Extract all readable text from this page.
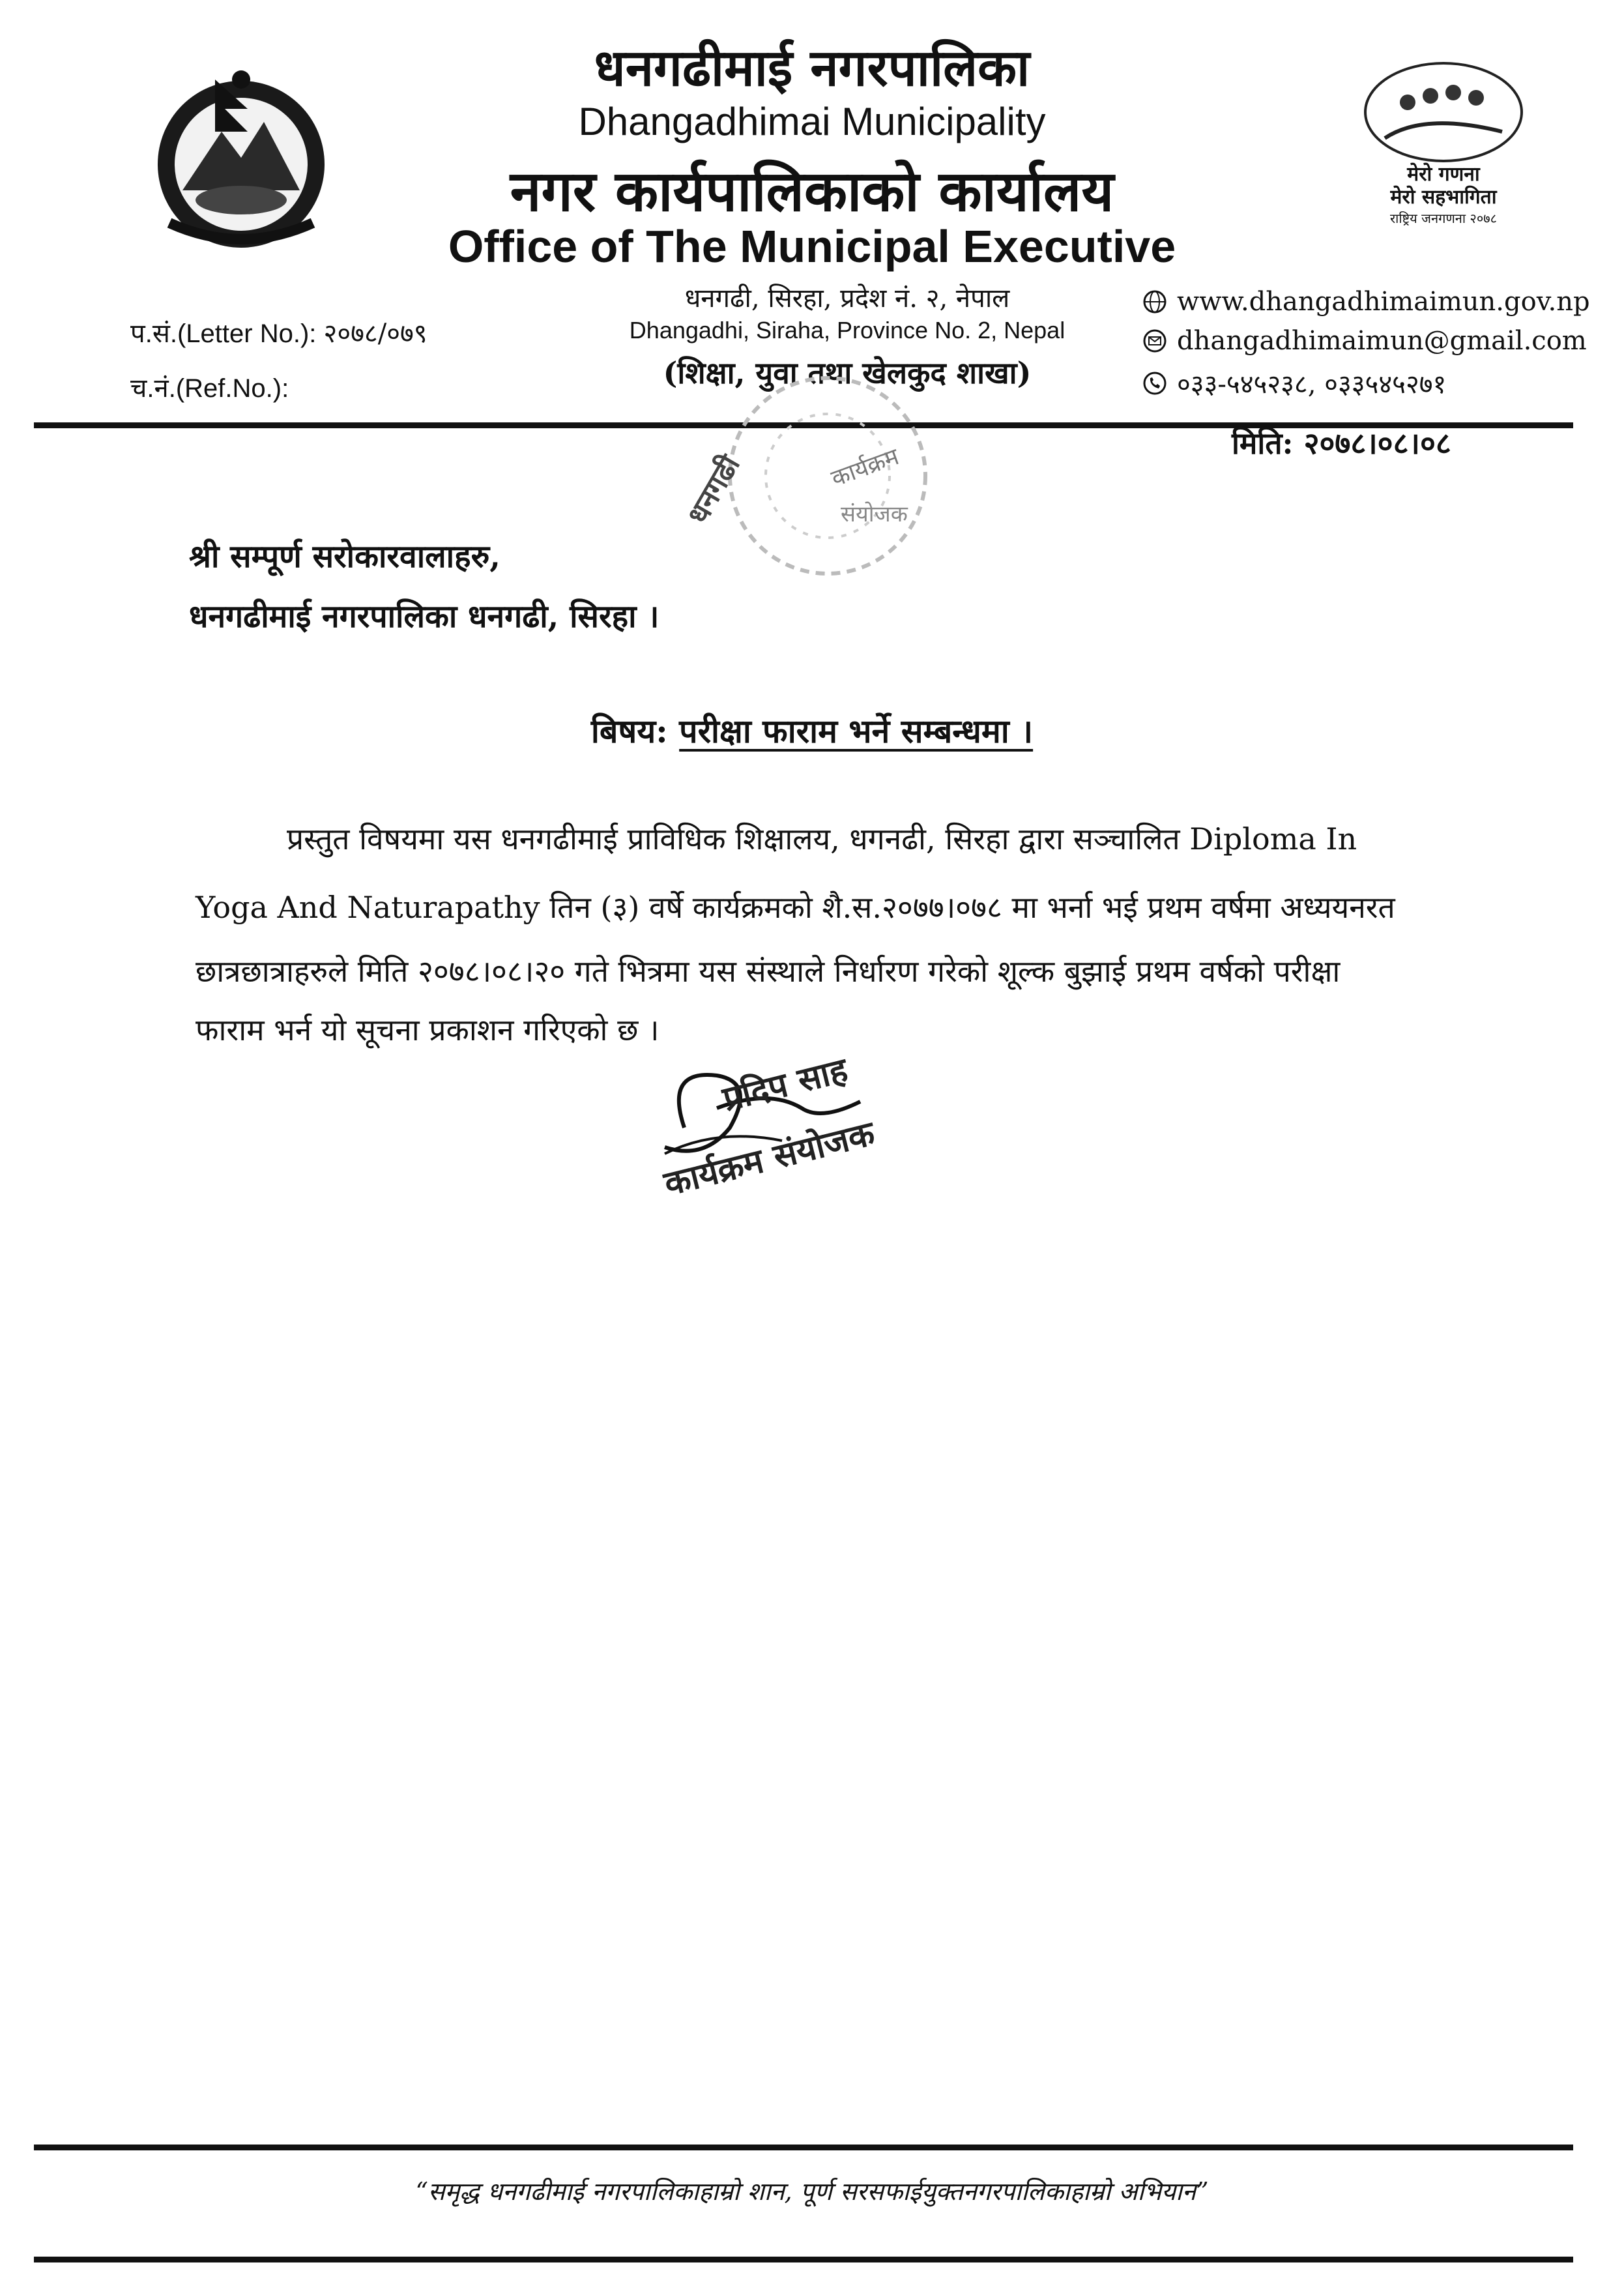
मेरो गणना
मेरो सहभागिता
राष्ट्रिय जनगणना २०७८
धनगढीमाई नगरपालिका
Dhangadhimai Municipality
नगर कार्यपालिकाको कार्यालय
Office of The Municipal Executive
धनगढी, सिरहा, प्रदेश नं. २, नेपाल
Dhangadhi, Siraha, Province No. 2, Nepal
(शिक्षा, युवा तथा खेलकुद शाखा)
प.सं.(Letter No.): २०७८/०७९
च.नं.(Ref.No.):
www.dhangadhimaimun.gov.np
dhangadhimaimun@gmail.com
०३३-५४५२३८, ०३३५४५२७१
मिति: २०७८।०८।०८
धनगढी	कार्यक्रम
संयोजक
श्री सम्पूर्ण सरोकारवालाहरु,
धनगढीमाई नगरपालिका धनगढी, सिरहा ।
बिषय: परीक्षा फाराम भर्ने सम्बन्धमा ।
प्रस्तुत विषयमा यस धनगढीमाई प्राविधिक शिक्षालय, धगनढी, सिरहा द्वारा सञ्चालित Diploma In
Yoga And Naturapathy तिन (३) वर्षे कार्यक्रमको शै.स.२०७७।०७८ मा भर्ना भई प्रथम वर्षमा अध्ययनरत
छात्रछात्राहरुले मिति २०७८।०८।२० गते भित्रमा यस संस्थाले निर्धारण गरेको शूल्क बुझाई प्रथम वर्षको परीक्षा
फाराम भर्न यो सूचना प्रकाशन गरिएको छ ।
प्रदिप साह
कार्यक्रम संयोजक
“समृद्ध धनगढीमाई नगरपालिकाहाम्रो शान, पूर्ण सरसफाईयुक्तनगरपालिकाहाम्रो अभियान”
